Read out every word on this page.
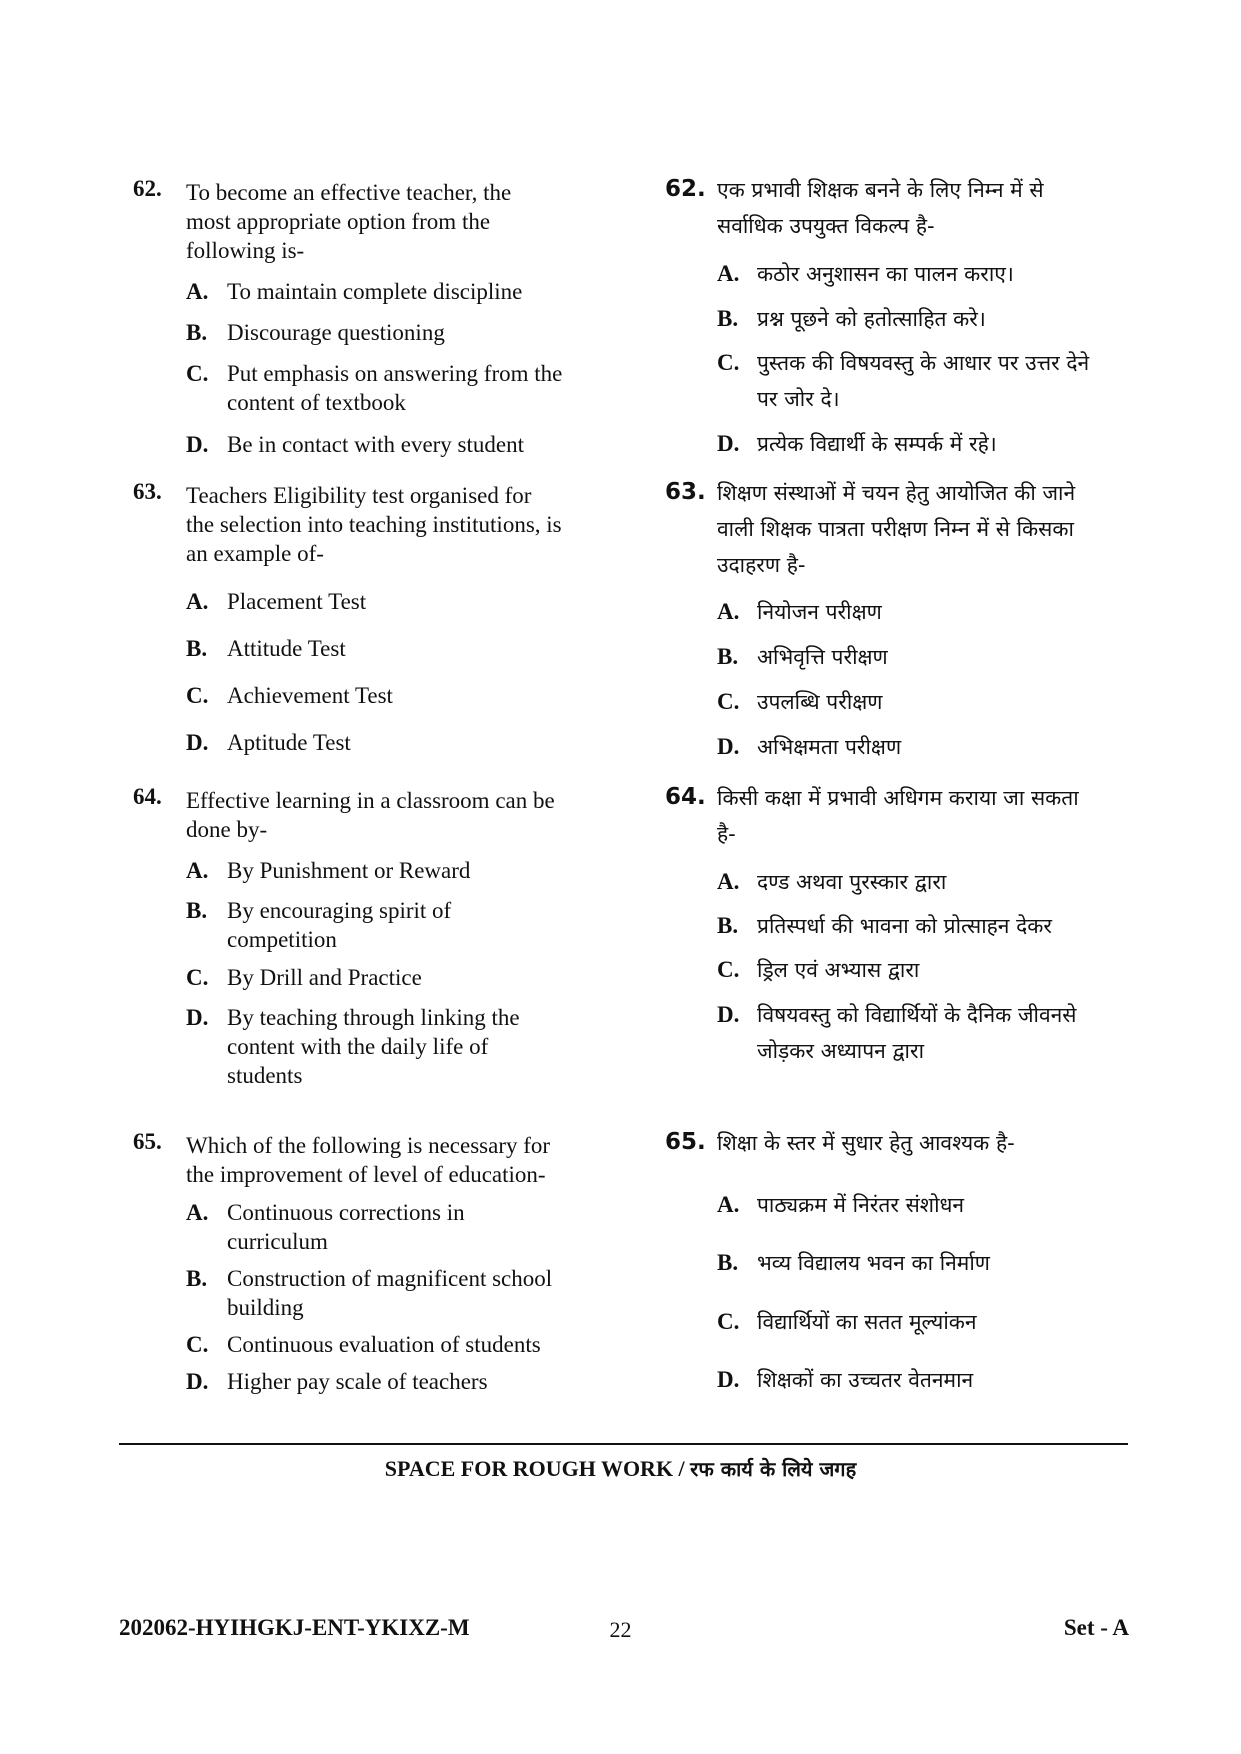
62. To become an effective teacher, the
most appropriate option from the
following is-
A. To maintain complete discipline
B. Discourage questioning
C. Put emphasis on answering from the
content of textbook
D. Be in contact with every student
63. Teachers Eligibility test organised for
the selection into teaching institutions, is
an example of-
A. Placement Test
B. Attitude Test
C. Achievement Test
D. Aptitude Test
64. Effective learning in a classroom can be
done by-
A. By Punishment or Reward
B. By encouraging spirit of
competition
C. By Drill and Practice
D. By teaching through linking the
content with the daily life of
students
65. Which of the following is necessary for
the improvement of level of education-
A. Continuous corrections in
curriculum
B. Construction of magnificent school
building
C. Continuous evaluation of students
D. Higher pay scale of teachers
62. एक प्रभावी शिक्षक बनने के लिए निम्न में से
सर्वाधिक उपयुक्त विकल्प है-
A. कठोर अनुशासन का पालन कराए।
B. प्रश्न पूछने को हतोत्साहित करे।
C. पुस्तक की विषयवस्तु के आधार पर उत्तर देने
पर जोर दे।
D. प्रत्येक विद्यार्थी के सम्पर्क में रहे।
63. शिक्षण संस्थाओं में चयन हेतु आयोजित की जाने
वाली शिक्षक पात्रता परीक्षण निम्न में से किसका
उदाहरण है-
A. नियोजन परीक्षण
B. अभिवृत्ति परीक्षण
C. उपलब्धि परीक्षण
D. अभिक्षमता परीक्षण
64. किसी कक्षा में प्रभावी अधिगम कराया जा सकता
है-
A. दण्ड अथवा पुरस्कार द्वारा
B. प्रतिस्पर्धा की भावना को प्रोत्साहन देकर
C. ड्रिल एवं अभ्यास द्वारा
D. विषयवस्तु को विद्यार्थियों के दैनिक जीवनसे
जोड़कर अध्यापन द्वारा
65. शिक्षा के स्तर में सुधार हेतु आवश्यक है-
A. पाठ्यक्रम में निरंतर संशोधन
B. भव्य विद्यालय भवन का निर्माण
C. विद्यार्थियों का सतत मूल्यांकन
D. शिक्षकों का उच्चतर वेतनमान
SPACE FOR ROUGH WORK / रफ कार्य के लिये जगह
202062-HYIHGKJ-ENT-YKIXZ-M	22	Set - A
